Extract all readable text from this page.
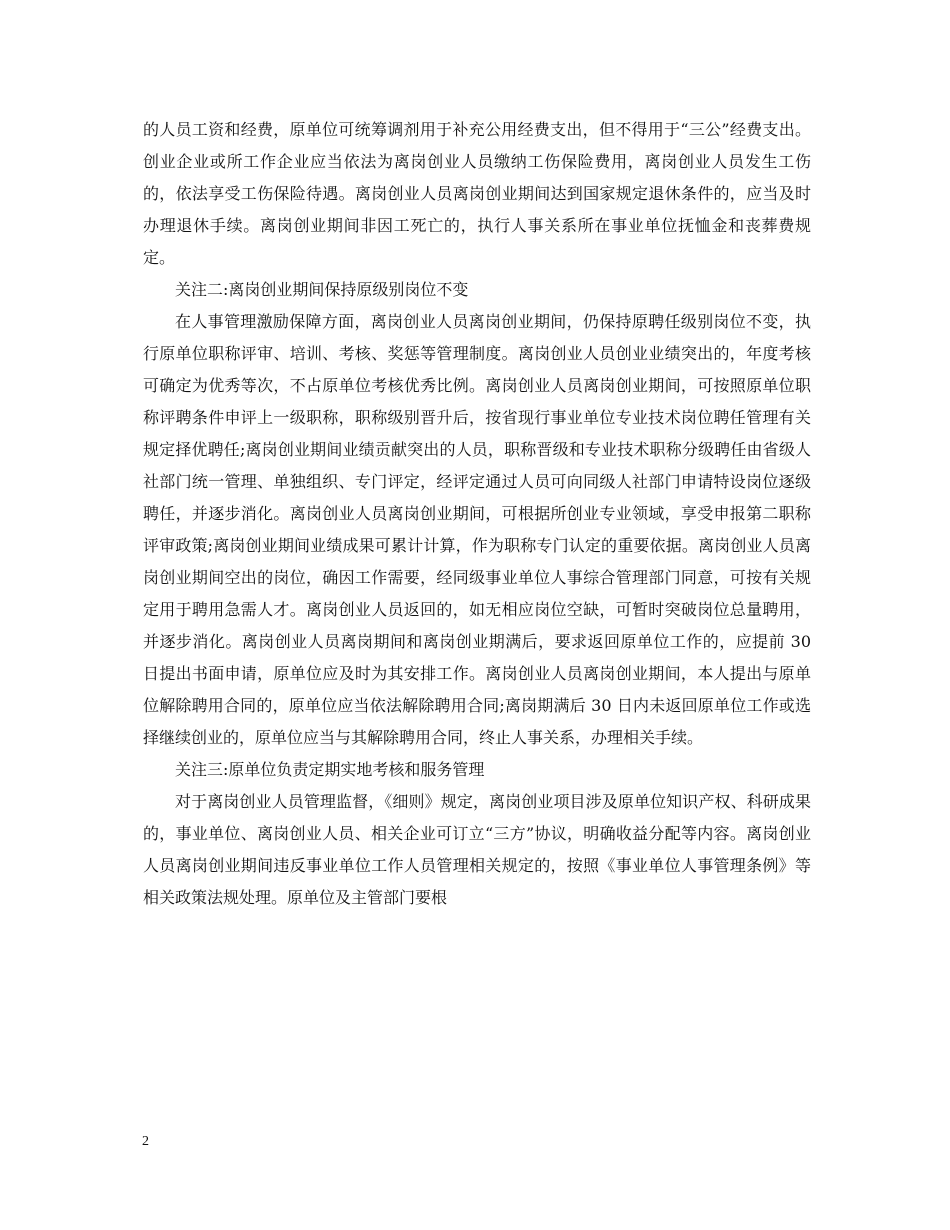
的人员工资和经费，原单位可统筹调剂用于补充公用经费支出，但不得用于“三公”经费支出。创业企业或所工作企业应当依法为离岗创业人员缴纳工伤保险费用，离岗创业人员发生工伤的，依法享受工伤保险待遇。离岗创业人员离岗创业期间达到国家规定退休条件的，应当及时办理退休手续。离岗创业期间非因工死亡的，执行人事关系所在事业单位抚恤金和丧葬费规定。

关注二:离岗创业期间保持原级别岗位不变

在人事管理激励保障方面，离岗创业人员离岗创业期间，仍保持原聘任级别岗位不变，执行原单位职称评审、培训、考核、奖惩等管理制度。离岗创业人员创业业绩突出的，年度考核可确定为优秀等次，不占原单位考核优秀比例。离岗创业人员离岗创业期间，可按照原单位职称评聘条件申评上一级职称，职称级别晋升后，按省现行事业单位专业技术岗位聘任管理有关规定择优聘任;离岗创业期间业绩贡献突出的人员，职称晋级和专业技术职称分级聘任由省级人社部门统一管理、单独组织、专门评定，经评定通过人员可向同级人社部门申请特设岗位逐级聘任，并逐步消化。离岗创业人员离岗创业期间，可根据所创业专业领域，享受申报第二职称评审政策;离岗创业期间业绩成果可累计计算，作为职称专门认定的重要依据。离岗创业人员离岗创业期间空出的岗位，确因工作需要，经同级事业单位人事综合管理部门同意，可按有关规定用于聘用急需人才。离岗创业人员返回的，如无相应岗位空缺，可暂时突破岗位总量聘用，并逐步消化。离岗创业人员离岗期间和离岗创业期满后，要求返回原单位工作的，应提前 30 日提出书面申请，原单位应及时为其安排工作。离岗创业人员离岗创业期间，本人提出与原单位解除聘用合同的，原单位应当依法解除聘用合同;离岗期满后 30 日内未返回原单位工作或选择继续创业的，原单位应当与其解除聘用合同，终止人事关系，办理相关手续。

关注三:原单位负责定期实地考核和服务管理

对于离岗创业人员管理监督，《细则》规定，离岗创业项目涉及原单位知识产权、科研成果的，事业单位、离岗创业人员、相关企业可订立“三方”协议，明确收益分配等内容。离岗创业人员离岗创业期间违反事业单位工作人员管理相关规定的，按照《事业单位人事管理条例》等相关政策法规处理。原单位及主管部门要根

2
